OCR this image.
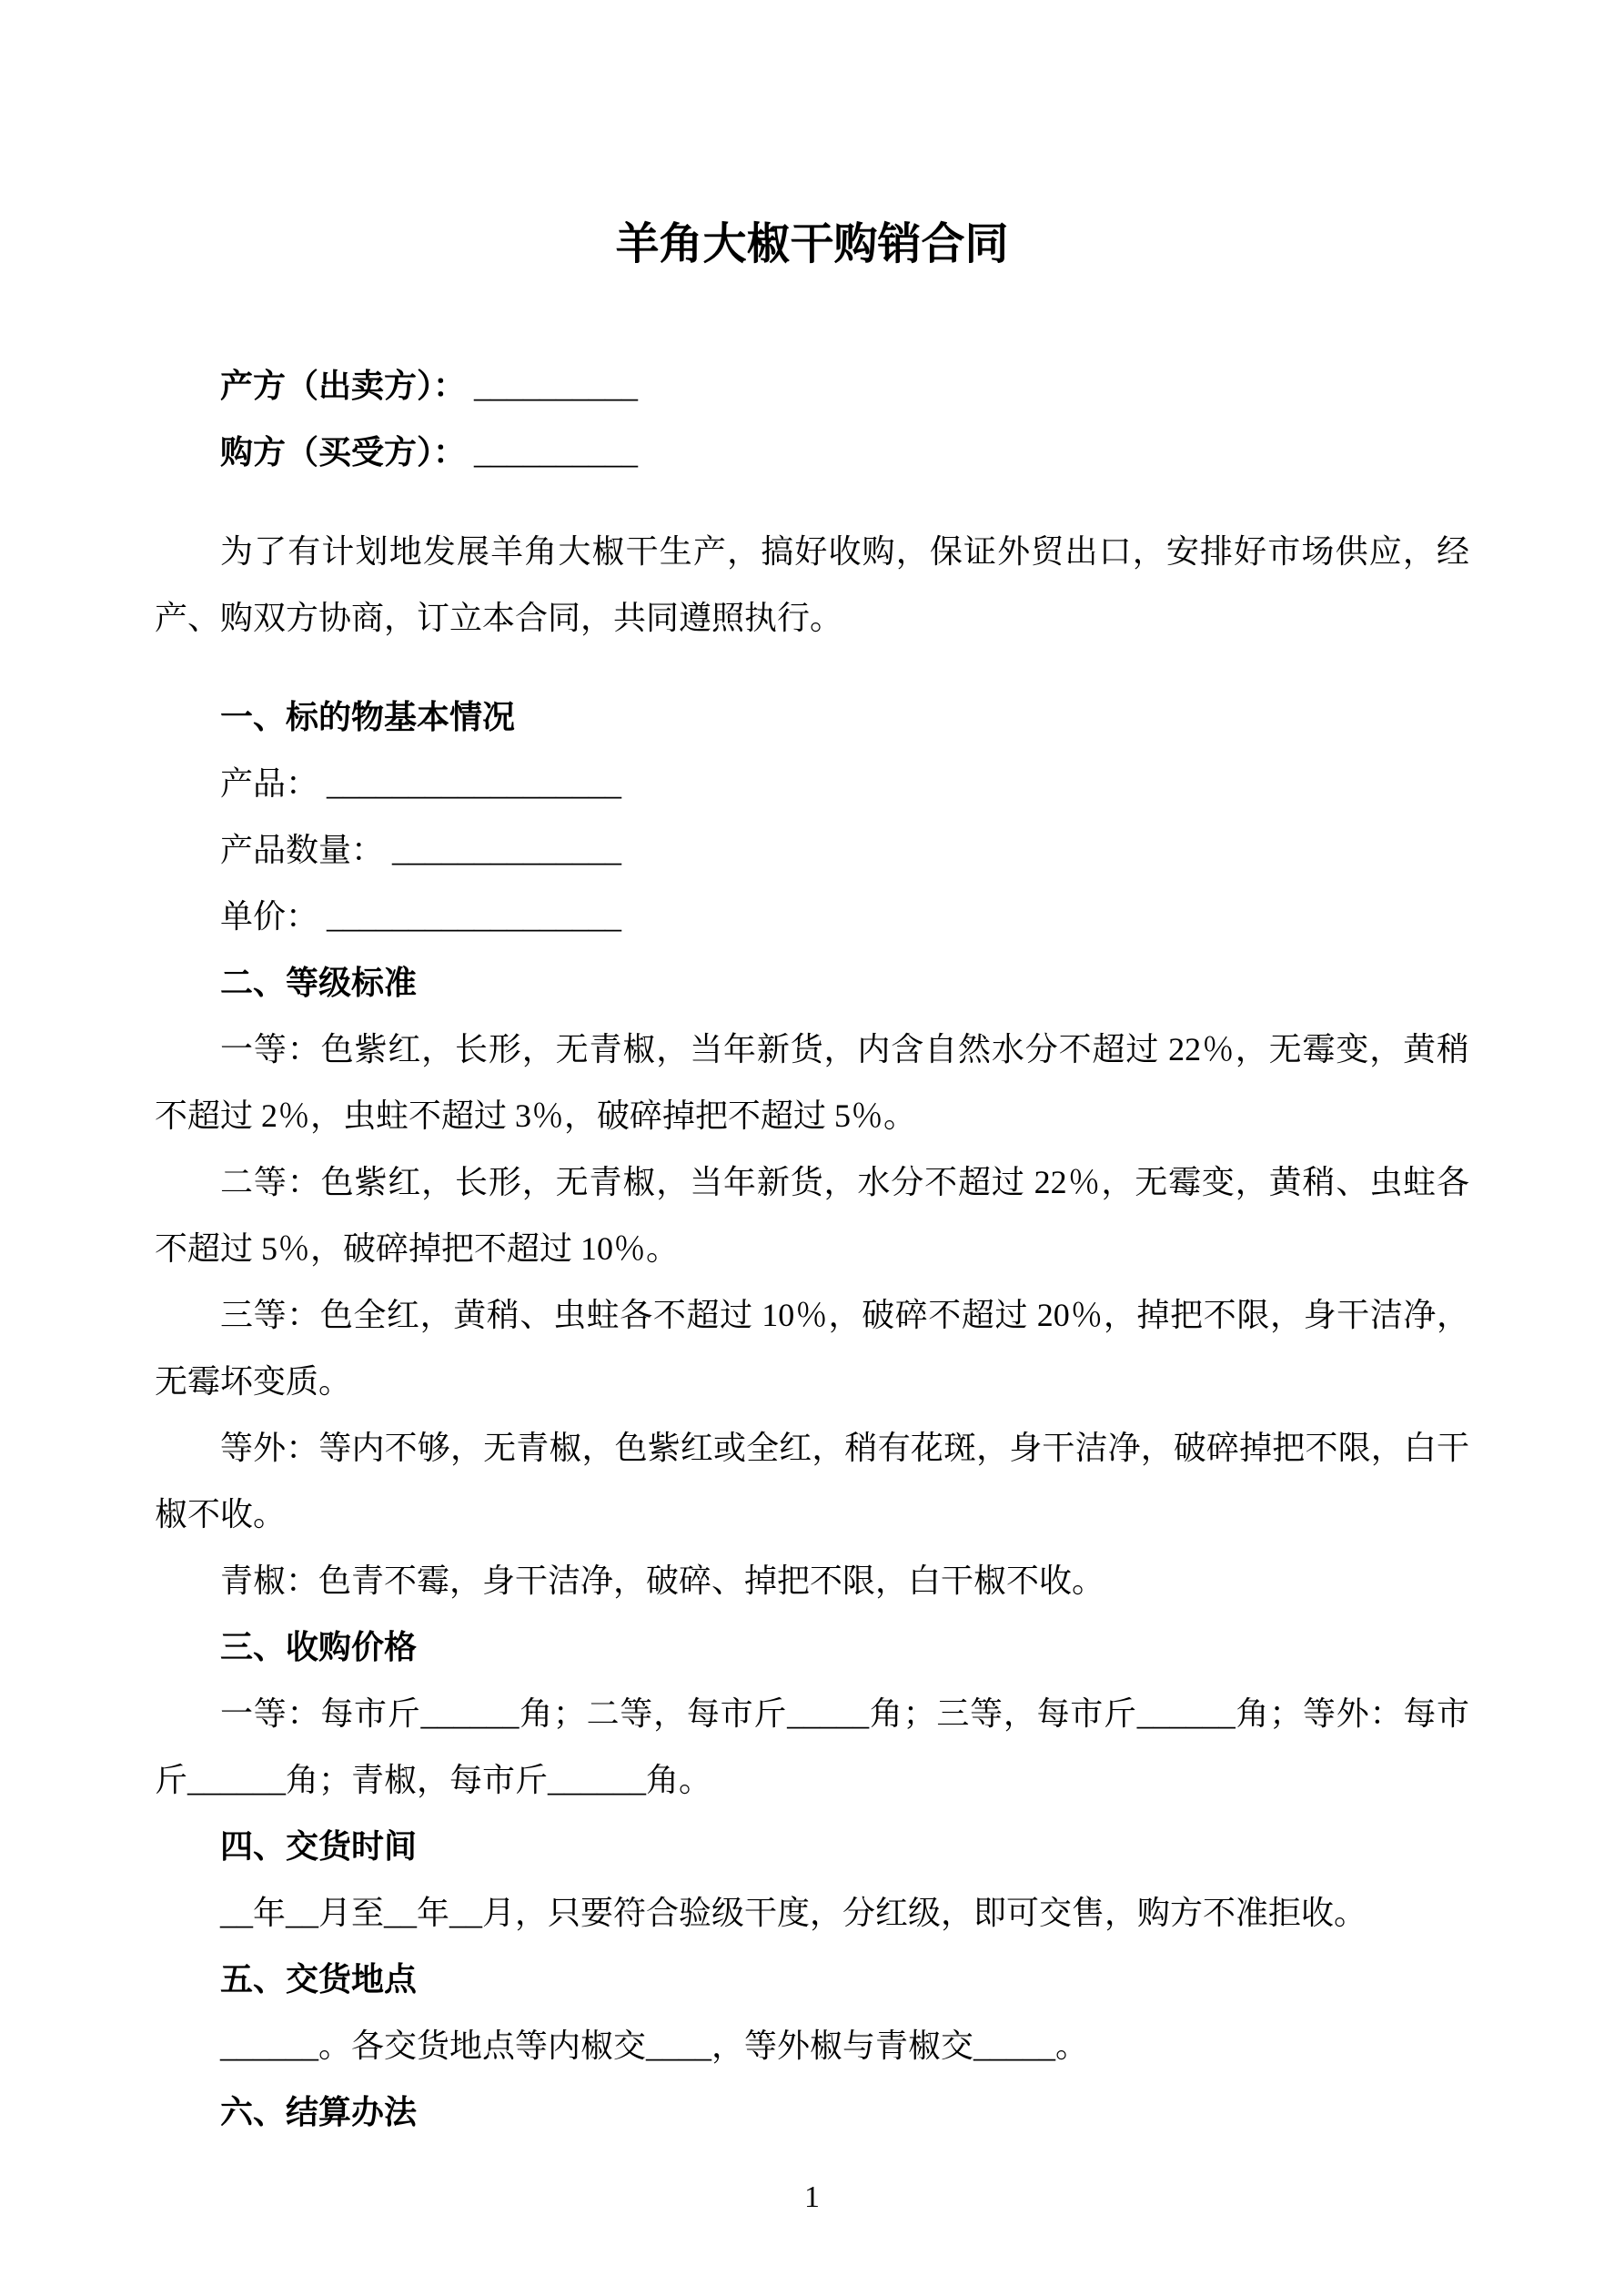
羊角大椒干购销合同

产方（出卖方）： __________

购方（买受方）： __________

为了有计划地发展羊角大椒干生产，搞好收购，保证外贸出口，安排好市场供应，经产、购双方协商，订立本合同，共同遵照执行。

一、标的物基本情况

产品： __________________

产品数量： ______________

单价： __________________

二、等级标准

一等：色紫红，长形，无青椒，当年新货，内含自然水分不超过 22％，无霉变，黄稍不超过 2％，虫蛀不超过 3％，破碎掉把不超过 5％。

二等：色紫红，长形，无青椒，当年新货，水分不超过 22％，无霉变，黄稍、虫蛀各不超过 5％，破碎掉把不超过 10％。

三等：色全红，黄稍、虫蛀各不超过 10％，破碎不超过 20％，掉把不限，身干洁净，无霉坏变质。

等外：等内不够，无青椒，色紫红或全红，稍有花斑，身干洁净，破碎掉把不限，白干椒不收。

青椒：色青不霉，身干洁净，破碎、掉把不限，白干椒不收。

三、收购价格

一等：每市斤______角；二等，每市斤_____角；三等，每市斤______角；等外：每市斤______角；青椒，每市斤______角。

四、交货时间

__年__月至__年__月，只要符合验级干度，分红级，即可交售，购方不准拒收。

五、交货地点

______。各交货地点等内椒交____，等外椒与青椒交_____。

六、结算办法

1
